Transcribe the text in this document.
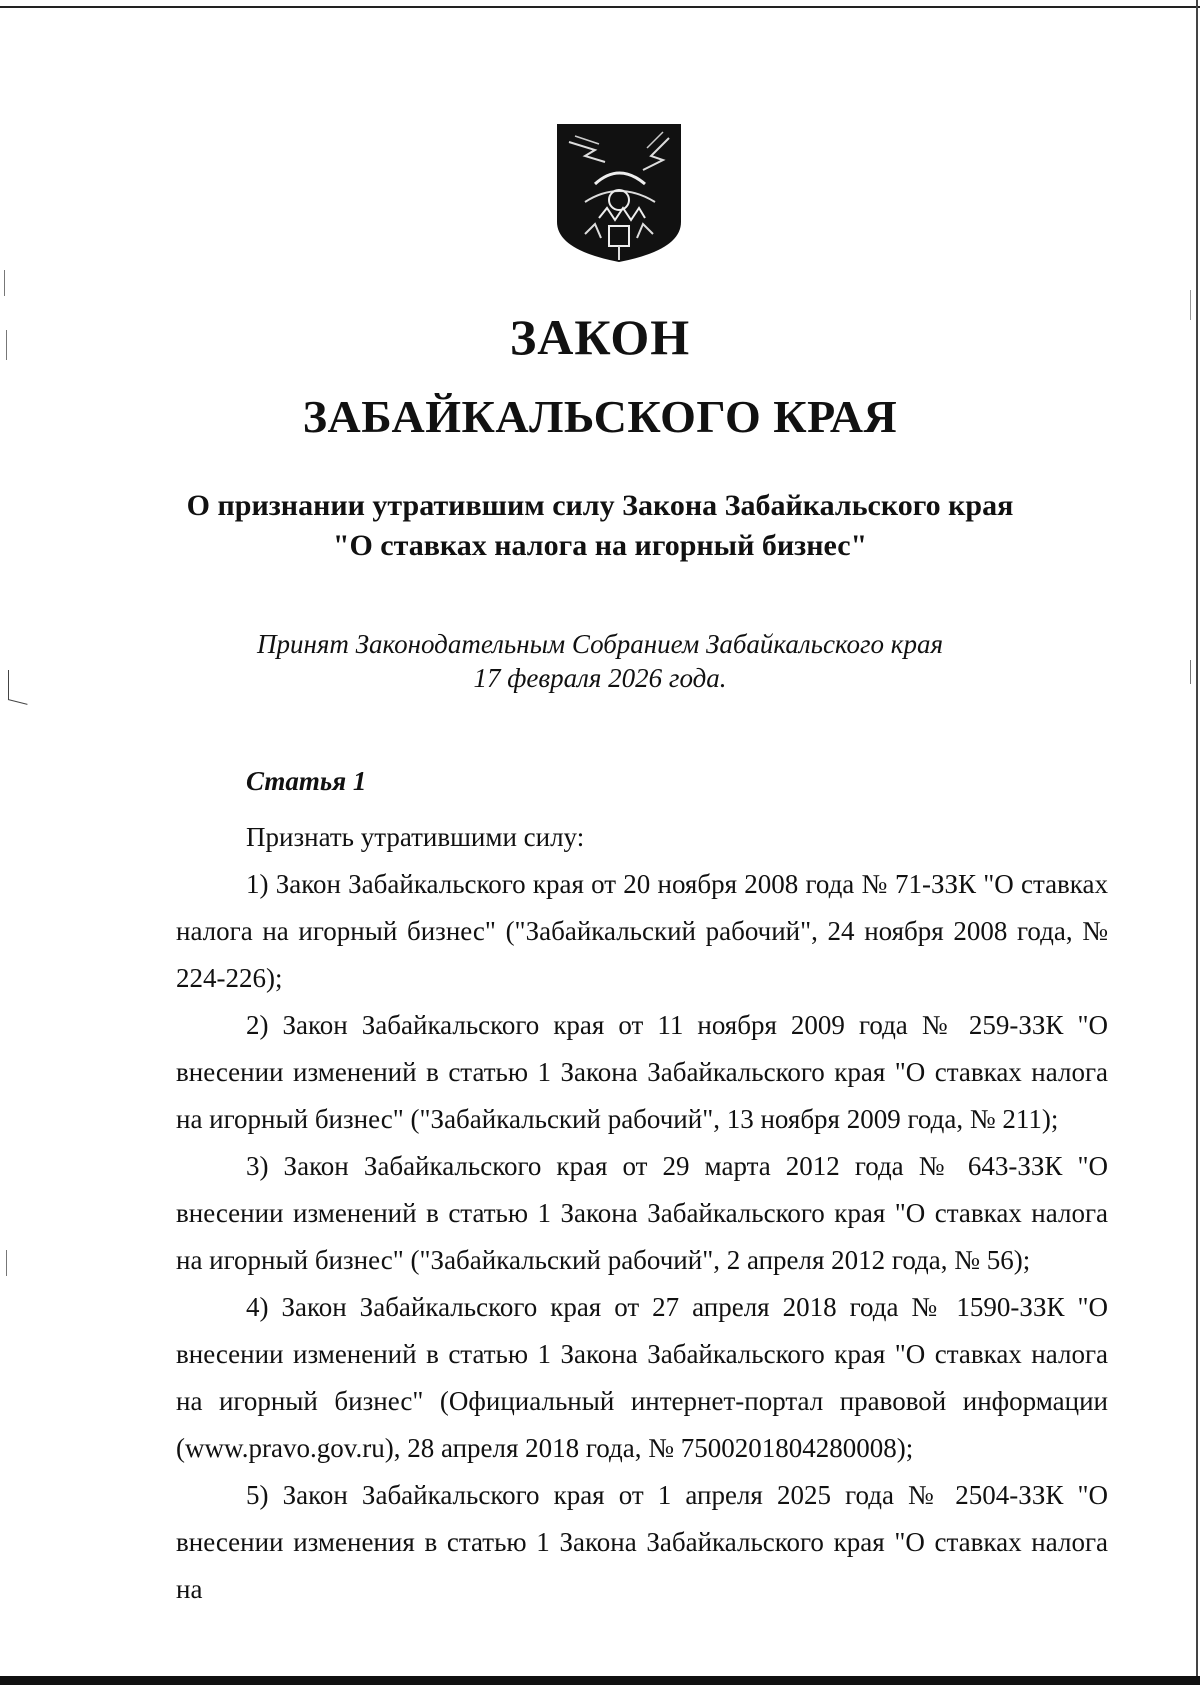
ЗАКОН
ЗАБАЙКАЛЬСКОГО КРАЯ
О признании утратившим силу Закона Забайкальского края
"О ставках налога на игорный бизнес"
Принят Законодательным Собранием Забайкальского края
17 февраля 2026 года.
Статья 1

Признать утратившими силу:

1) Закон Забайкальского края от 20 ноября 2008 года № 71-ЗЗК "О ставках налога на игорный бизнес" ("Забайкальский рабочий", 24 ноября 2008 года, № 224-226);

2) Закон Забайкальского края от 11 ноября 2009 года № 259-ЗЗК "О внесении изменений в статью 1 Закона Забайкальского края "О ставках налога на игорный бизнес" ("Забайкальский рабочий", 13 ноября 2009 года, № 211);

3) Закон Забайкальского края от 29 марта 2012 года № 643-ЗЗК "О внесении изменений в статью 1 Закона Забайкальского края "О ставках налога на игорный бизнес" ("Забайкальский рабочий", 2 апреля 2012 года, № 56);

4) Закон Забайкальского края от 27 апреля 2018 года № 1590-ЗЗК "О внесении изменений в статью 1 Закона Забайкальского края "О ставках налога на игорный бизнес" (Официальный интернет-портал правовой информации (www.pravo.gov.ru), 28 апреля 2018 года, № 7500201804280008);

5) Закон Забайкальского края от 1 апреля 2025 года № 2504-ЗЗК "О внесении изменения в статью 1 Закона Забайкальского края "О ставках налога на
